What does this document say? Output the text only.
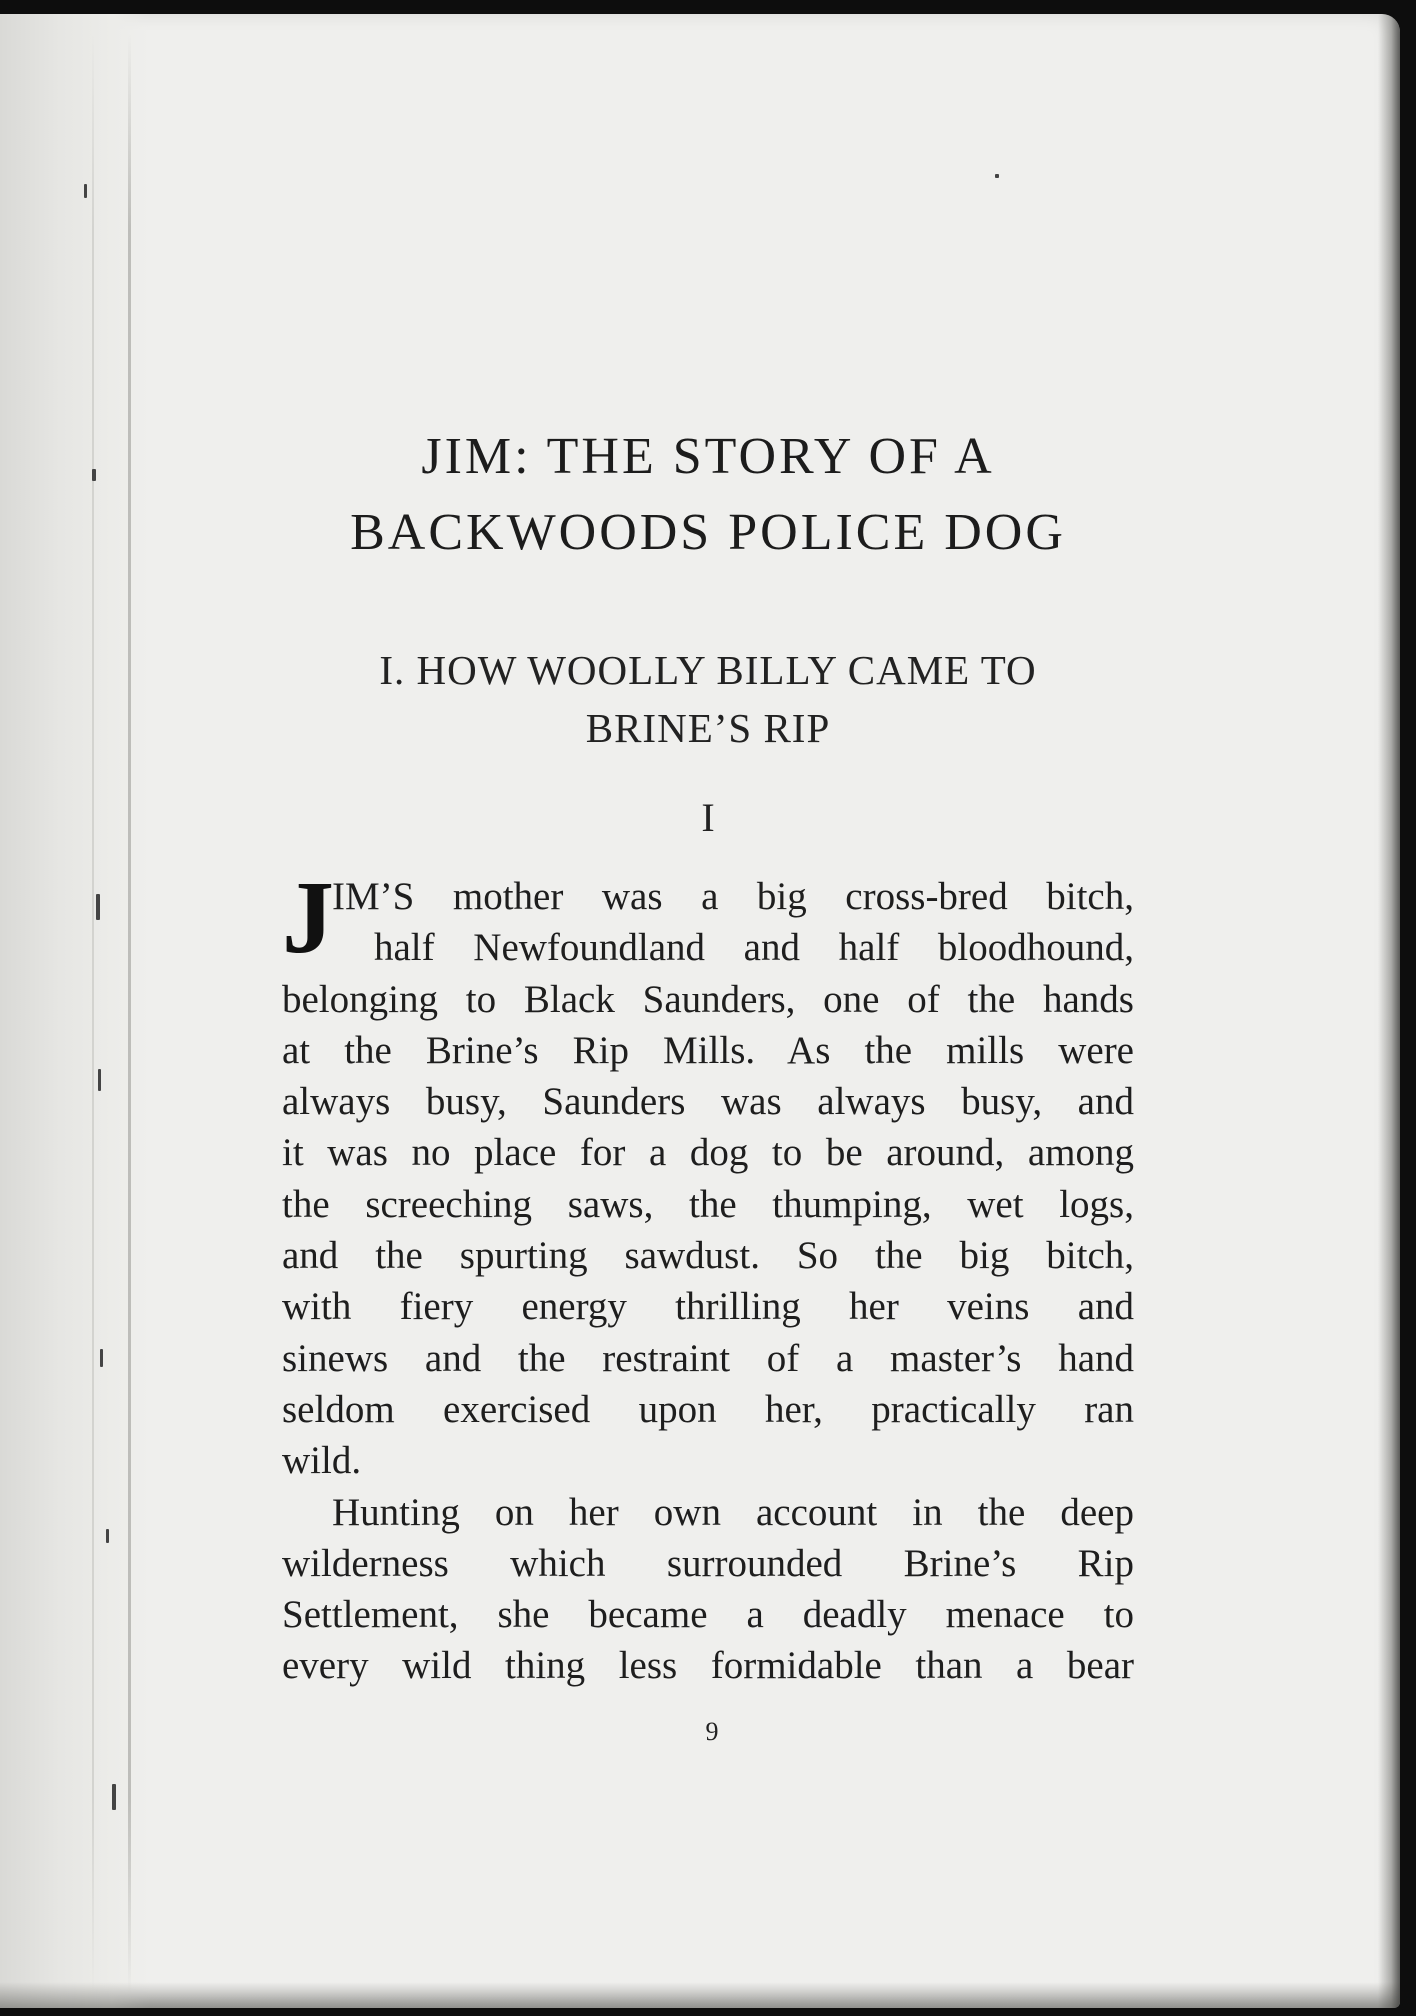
JIM: THE STORY OF A
BACKWOODS POLICE DOG
I. HOW WOOLLY BILLY CAME TO
BRINE’S RIP
I
J
IM’S mother was a big cross-bred bitch,
half Newfoundland and half bloodhound,
belonging to Black Saunders, one of the hands
at the Brine’s Rip Mills. As the mills were
always busy, Saunders was always busy, and
it was no place for a dog to be around, among
the screeching saws, the thumping, wet logs,
and the spurting sawdust. So the big bitch,
with fiery energy thrilling her veins and
sinews and the restraint of a master’s hand
seldom exercised upon her, practically ran
wild.
Hunting on her own account in the deep
wilderness which surrounded Brine’s Rip
Settlement, she became a deadly menace to
every wild thing less formidable than a bear
9
